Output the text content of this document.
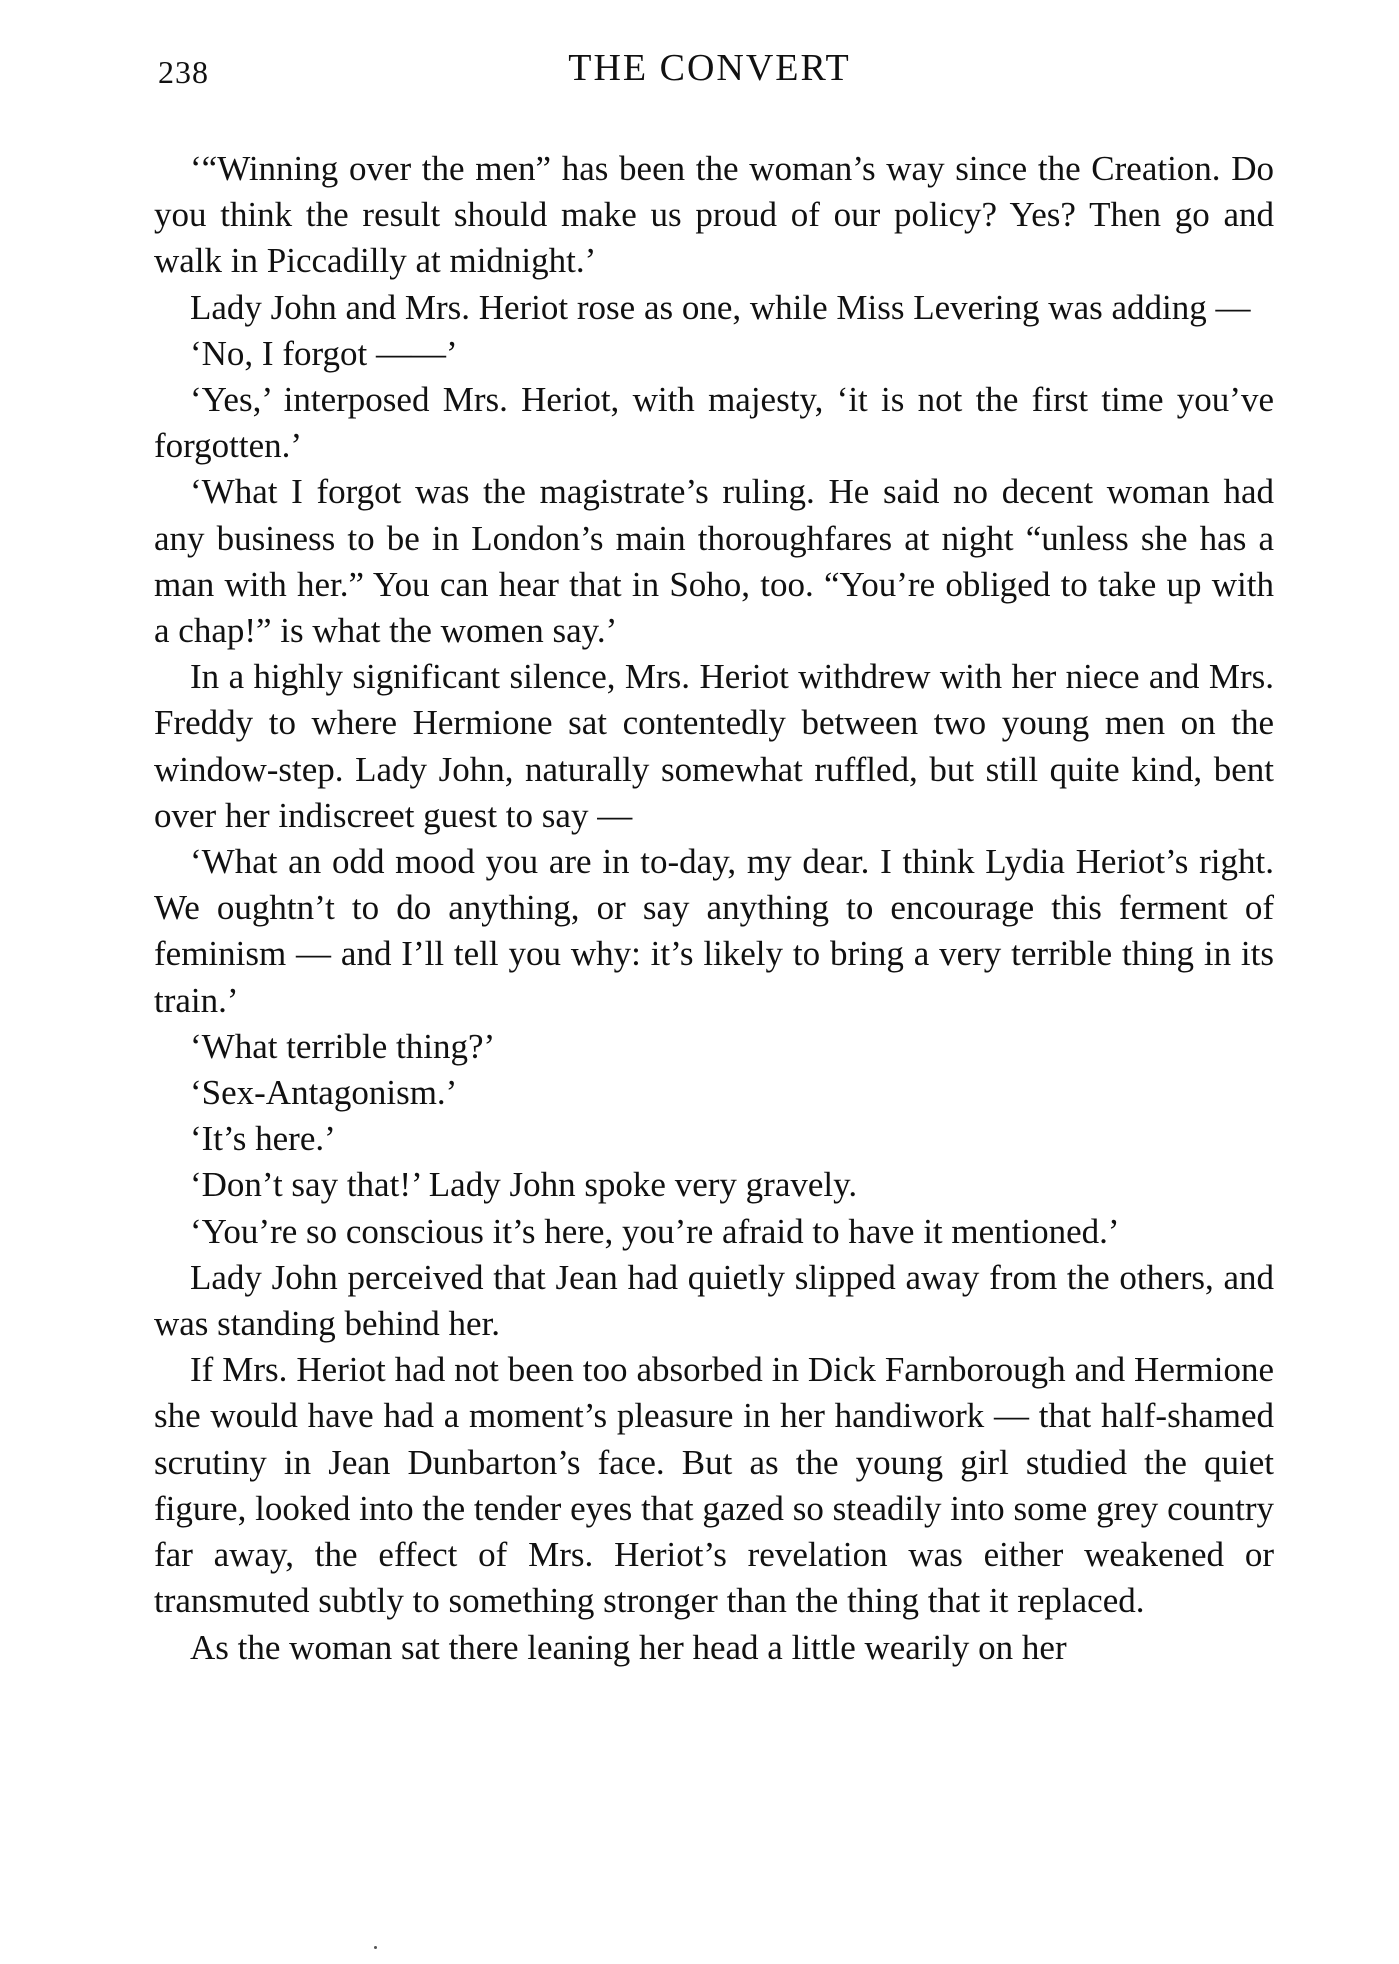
238	THE CONVERT

‘“Winning over the men” has been the woman’s way since the Creation. Do you think the result should make us proud of our policy? Yes? Then go and walk in Piccadilly at midnight.’

Lady John and Mrs. Heriot rose as one, while Miss Levering was adding —

‘No, I forgot ——’

‘Yes,’ interposed Mrs. Heriot, with majesty, ‘it is not the first time you’ve forgotten.’

‘What I forgot was the magistrate’s ruling. He said no decent woman had any business to be in London’s main thoroughfares at night “unless she has a man with her.” You can hear that in Soho, too. “You’re obliged to take up with a chap!” is what the women say.’

In a highly significant silence, Mrs. Heriot withdrew with her niece and Mrs. Freddy to where Hermione sat contentedly between two young men on the window-step. Lady John, naturally somewhat ruffled, but still quite kind, bent over her indiscreet guest to say —

‘What an odd mood you are in to-day, my dear. I think Lydia Heriot’s right. We oughtn’t to do anything, or say anything to encourage this ferment of feminism — and I’ll tell you why: it’s likely to bring a very terrible thing in its train.’

‘What terrible thing?’

‘Sex-Antagonism.’

‘It’s here.’

‘Don’t say that!’ Lady John spoke very gravely.

‘You’re so conscious it’s here, you’re afraid to have it mentioned.’

Lady John perceived that Jean had quietly slipped away from the others, and was standing behind her.

If Mrs. Heriot had not been too absorbed in Dick Farnborough and Hermione she would have had a moment’s pleasure in her handiwork — that half-shamed scrutiny in Jean Dunbarton’s face. But as the young girl studied the quiet figure, looked into the tender eyes that gazed so steadily into some grey country far away, the effect of Mrs. Heriot’s revelation was either weakened or transmuted subtly to something stronger than the thing that it replaced.

As the woman sat there leaning her head a little wearily on her
